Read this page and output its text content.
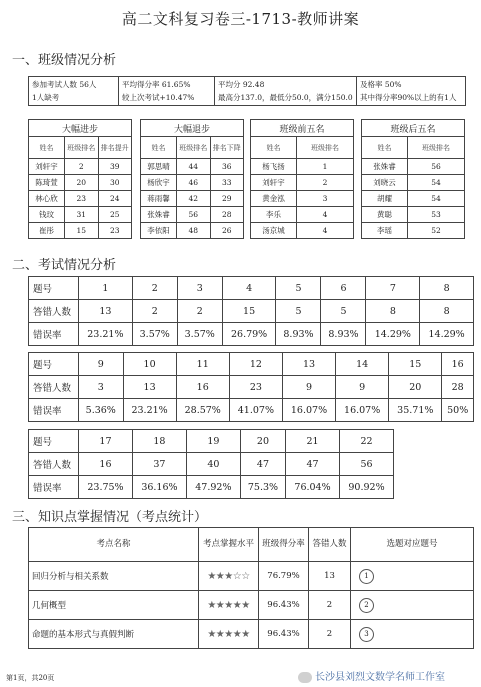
高二文科复习卷三-1713-教师讲案
一、班级情况分析
参加考试人数 56人
1人缺考

平均得分率 61.65%
较上次考试+10.47%

平均分 92.48
最高分137.0，最低分50.0，满分150.0

及格率 50%
其中得分率90%以上的有1人
大幅进步		
姓名	班级排名	排名提升
刘轩宇	2	39
陈琦萱	20	30
林心欣	23	24
钱玟	31	25
崔彤	15	23
大幅退步		
姓名	班级排名	排名下降
郭思晴	44	36
杨欣宇	46	33
蒋雨馨	42	29
张姝睿	56	28
李依阳	48	26
班级前五名	
姓名	班级排名
杨飞扬	1
刘轩宇	2
黄金泓	3
李乐	4
汤京城	4
班级后五名	
姓名	班级排名
张姝睿	56
刘晓云	54
胡耀	54
黄聪	53
李瑶	52
二、考试情况分析
题号	1	2	3	4	5	6	7	8
答错人数	13	2	2	15	5	5	8	8
错误率	23.21%	3.57%	3.57%	26.79%	8.93%	8.93%	14.29%	14.29%
题号	9	10	11	12	13	14	15	16
答错人数	3	13	16	23	9	9	20	28
错误率	5.36%	23.21%	28.57%	41.07%	16.07%	16.07%	35.71%	50%
题号	17	18	19	20	21	22
答错人数	16	37	40	47	47	56
错误率	23.75%	36.16%	47.92%	75.3%	76.04%	90.92%
三、知识点掌握情况（考点统计）
考点名称	考点掌握水平	班级得分率	答错人数	选题对应题号
回归分析与相关系数	★★★☆☆	76.79%	13	1
几何概型	★★★★★	96.43%	2	2
命题的基本形式与真假判断	★★★★★	96.43%	2	3
第1页，共20页	长沙县刘烈文数学名师工作室
